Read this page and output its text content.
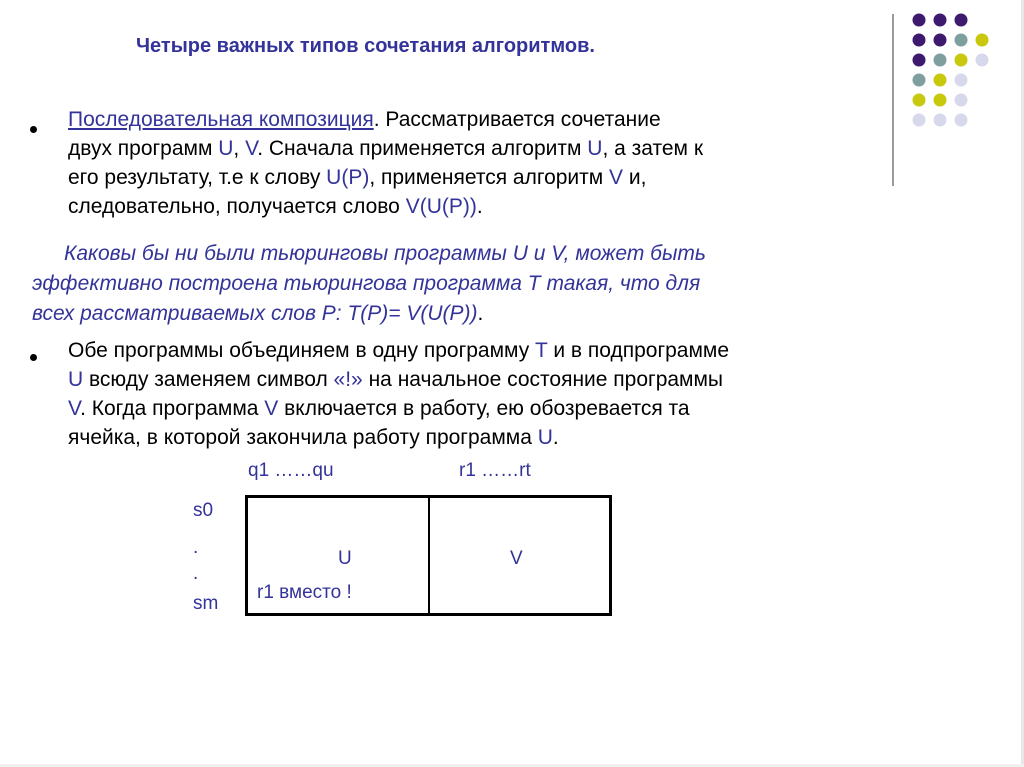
Четыре важных типов сочетания алгоритмов.
Последовательная композиция. Рассматривается сочетание
двух программ U, V. Сначала применяется алгоритм U, а затем к
его результату, т.е к слову U(P), применяется алгоритм V и,
следовательно, получается слово V(U(P)).
Каковы бы ни были тьюринговы программы U и V, может быть
эффективно построена тьюрингова программа T такая, что для
всех рассматриваемых слов P: T(P)= V(U(P)).
Обе программы объединяем в одну программу T и в подпрограмме
U всюду заменяем символ «!» на начальное состояние программы
V. Когда программа V включается в работу, ею обозревается та
ячейка, в которой закончила работу программа U.
q1 ……qu	r1 ……rt
s0
.
.
sm
U
r1 вместо !
V
